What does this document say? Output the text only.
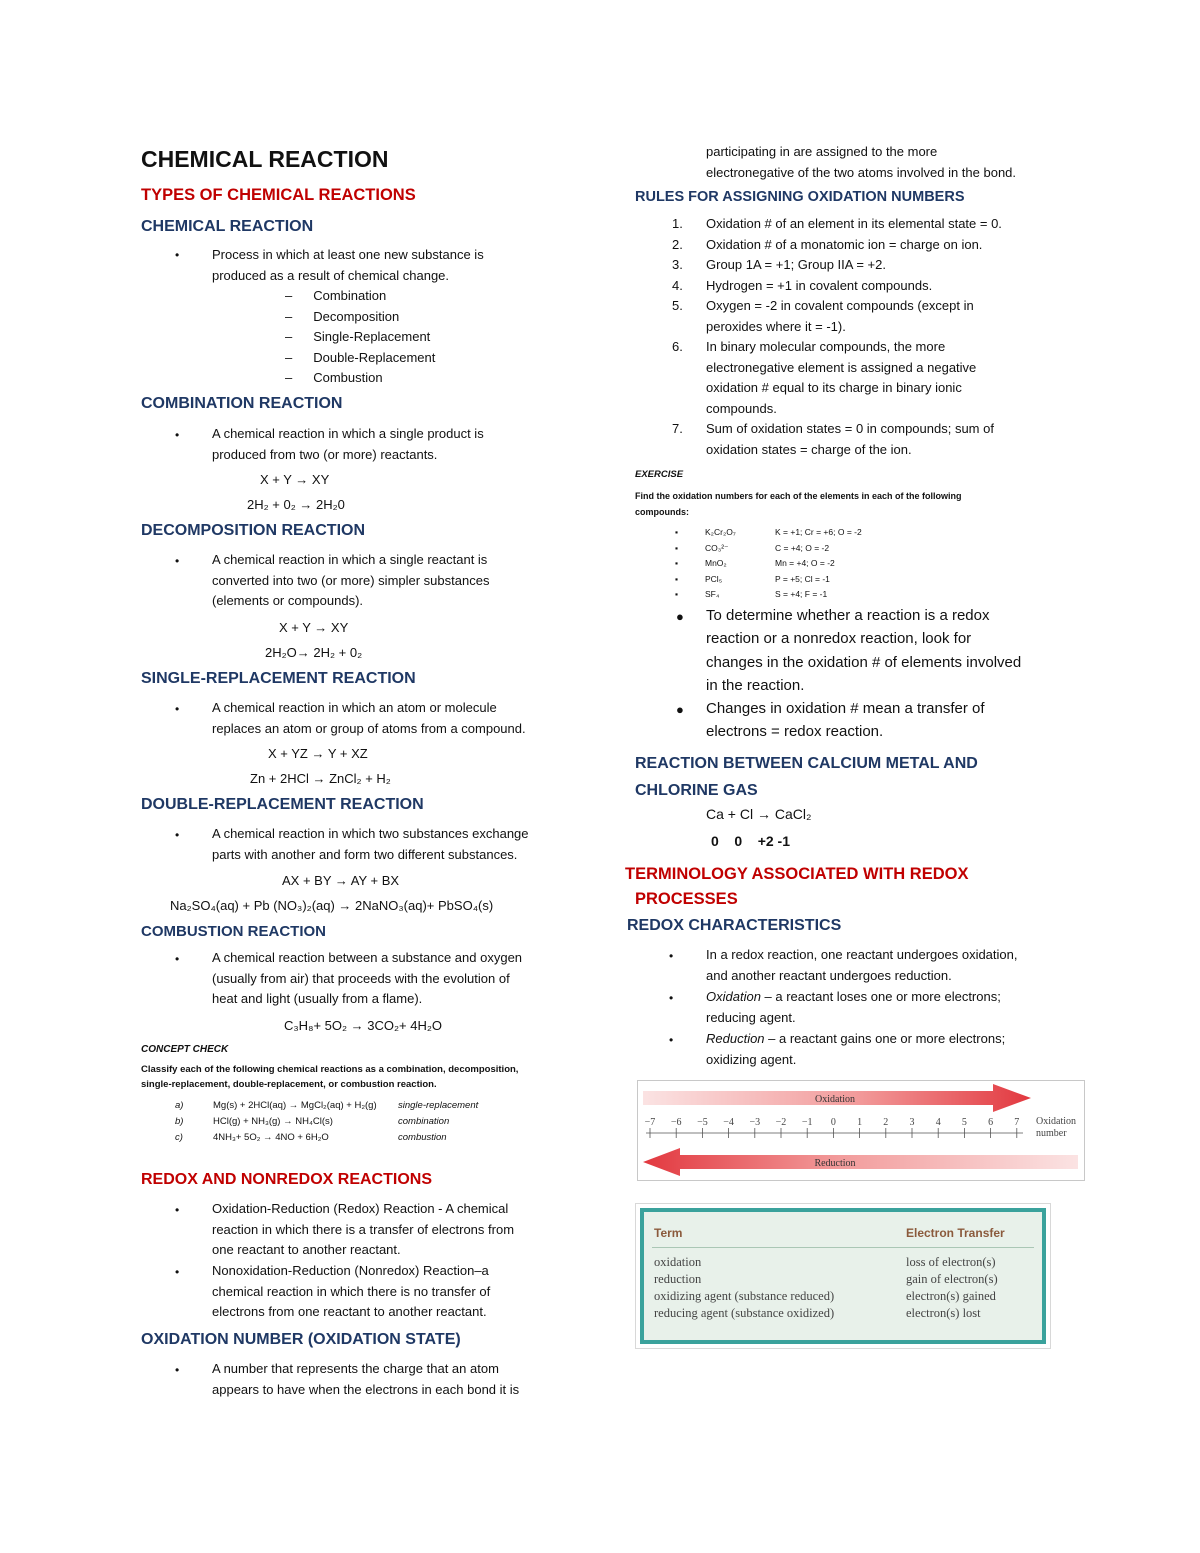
CHEMICAL REACTION
TYPES OF CHEMICAL REACTIONS
CHEMICAL REACTION
•	Process in which at least one new substance is
produced as a result of chemical change.
– Combination
– Decomposition
– Single-Replacement
– Double-Replacement
– Combustion
COMBINATION REACTION
•	A chemical reaction in which a single product is
produced from two (or more) reactants.
X + Y → XY
2H₂ + 0₂ → 2H₂0
DECOMPOSITION REACTION
•	A chemical reaction in which a single reactant is
converted into two (or more) simpler substances
(elements or compounds).
X + Y → XY
2H₂O→ 2H₂ + 0₂
SINGLE-REPLACEMENT REACTION
•	A chemical reaction in which an atom or molecule
replaces an atom or group of atoms from a compound.
X + YZ → Y + XZ
Zn + 2HCl → ZnCl₂ + H₂
DOUBLE-REPLACEMENT REACTION
•	A chemical reaction in which two substances exchange
parts with another and form two different substances.
AX + BY → AY + BX
Na₂SO₄(aq) + Pb (NO₃)₂(aq) → 2NaNO₃(aq)+ PbSO₄(s)
COMBUSTION REACTION
•	A chemical reaction between a substance and oxygen
(usually from air) that proceeds with the evolution of
heat and light (usually from a flame).
C₃H₈+ 5O₂ → 3CO₂+ 4H₂O
CONCEPT CHECK
Classify each of the following chemical reactions as a combination, decomposition,
single-replacement, double-replacement, or combustion reaction.
a)	Mg(s) + 2HCl(aq) → MgCl₂(aq) + H₂(g) single-replacement
b)	HCl(g) + NH₃(g) → NH₄Cl(s)	combination
c)	4NH₃+ 5O₂ → 4NO + 6H₂O	combustion
REDOX AND NONREDOX REACTIONS
•	Oxidation-Reduction (Redox) Reaction - A chemical
reaction in which there is a transfer of electrons from
one reactant to another reactant.
•	Nonoxidation-Reduction (Nonredox) Reaction–a
chemical reaction in which there is no transfer of
electrons from one reactant to another reactant.
OXIDATION NUMBER (OXIDATION STATE)
•	A number that represents the charge that an atom
appears to have when the electrons in each bond it is
participating in are assigned to the more
electronegative of the two atoms involved in the bond.
RULES FOR ASSIGNING OXIDATION NUMBERS
1. Oxidation # of an element in its elemental state = 0.
2. Oxidation # of a monatomic ion = charge on ion.
3. Group 1A = +1; Group IIA = +2.
4. Hydrogen = +1 in covalent compounds.
5. Oxygen = -2 in covalent compounds (except in
peroxides where it = -1).
6. In binary molecular compounds, the more
electronegative element is assigned a negative
oxidation # equal to its charge in binary ionic
compounds.
7. Sum of oxidation states = 0 in compounds; sum of
oxidation states = charge of the ion.
EXERCISE
Find the oxidation numbers for each of the elements in each of the following
compounds:
▪	K₂Cr₂O₇	K = +1; Cr = +6; O = -2
▪	CO₃²⁻	C = +4; O = -2
▪	MnO₂	Mn = +4; O = -2
▪	PCl₅	P = +5; Cl = -1
▪	SF₄	S = +4; F = -1
● To determine whether a reaction is a redox
reaction or a nonredox reaction, look for
changes in the oxidation # of elements involved
in the reaction.
● Changes in oxidation # mean a transfer of
electrons = redox reaction.
REACTION BETWEEN CALCIUM METAL AND
CHLORINE GAS
Ca + Cl → CaCl₂
0    0    +2 -1
TERMINOLOGY ASSOCIATED WITH REDOX
PROCESSES
REDOX CHARACTERISTICS
•	In a redox reaction, one reactant undergoes oxidation,
and another reactant undergoes reduction.
•	Oxidation – a reactant loses one or more electrons;
reducing agent.
•	Reduction – a reactant gains one or more electrons;
oxidizing agent.
Oxidation
−7 −6 −5 −4 −3 −2 −1 0 1 2 3 4 5 6 7 Oxidation
number
Reduction
Term	Electron Transfer
oxidation	loss of electron(s)
reduction	gain of electron(s)
oxidizing agent (substance reduced)	electron(s) gained
reducing agent (substance oxidized)	electron(s) lost
